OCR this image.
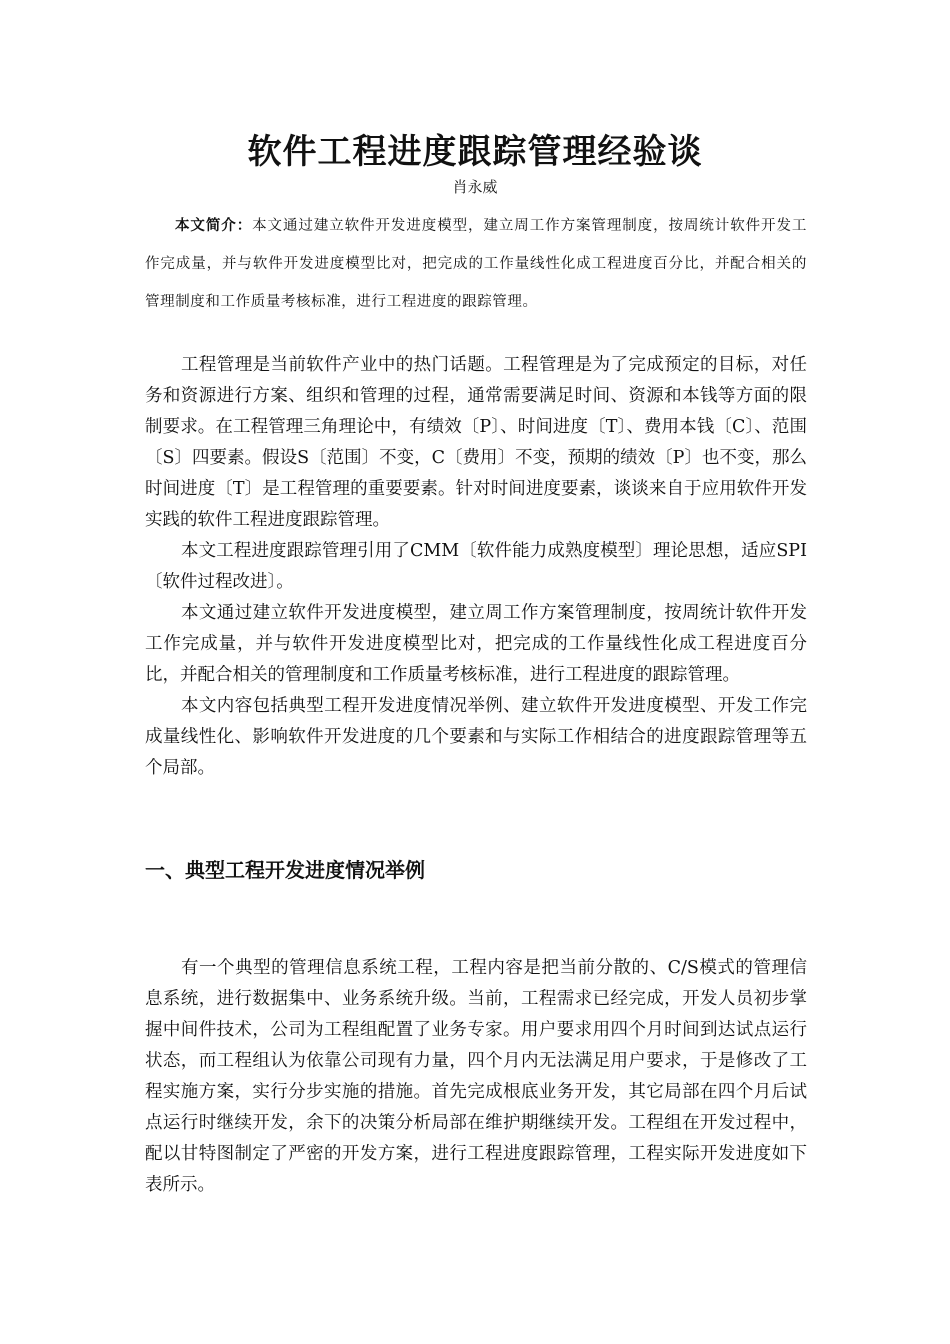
软件工程进度跟踪管理经验谈

肖永威

本文简介：本文通过建立软件开发进度模型，建立周工作方案管理制度，按周统计软件开发工作完成量，并与软件开发进度模型比对，把完成的工作量线性化成工程进度百分比，并配合相关的管理制度和工作质量考核标准，进行工程进度的跟踪管理。

工程管理是当前软件产业中的热门话题。工程管理是为了完成预定的目标，对任务和资源进行方案、组织和管理的过程，通常需要满足时间、资源和本钱等方面的限制要求。在工程管理三角理论中，有绩效〔P〕、时间进度〔T〕、费用本钱〔C〕、范围〔S〕四要素。假设S〔范围〕不变，C〔费用〕不变，预期的绩效〔P〕也不变，那么时间进度〔T〕是工程管理的重要要素。针对时间进度要素，谈谈来自于应用软件开发实践的软件工程进度跟踪管理。

本文工程进度跟踪管理引用了CMM〔软件能力成熟度模型〕理论思想，适应SPI〔软件过程改进〕。

本文通过建立软件开发进度模型，建立周工作方案管理制度，按周统计软件开发工作完成量，并与软件开发进度模型比对，把完成的工作量线性化成工程进度百分比，并配合相关的管理制度和工作质量考核标准，进行工程进度的跟踪管理。

本文内容包括典型工程开发进度情况举例、建立软件开发进度模型、开发工作完成量线性化、影响软件开发进度的几个要素和与实际工作相结合的进度跟踪管理等五个局部。

一、典型工程开发进度情况举例

有一个典型的管理信息系统工程，工程内容是把当前分散的、C/S模式的管理信息系统，进行数据集中、业务系统升级。当前，工程需求已经完成，开发人员初步掌握中间件技术，公司为工程组配置了业务专家。用户要求用四个月时间到达试点运行状态，而工程组认为依靠公司现有力量，四个月内无法满足用户要求，于是修改了工程实施方案，实行分步实施的措施。首先完成根底业务开发，其它局部在四个月后试点运行时继续开发，余下的决策分析局部在维护期继续开发。工程组在开发过程中，配以甘特图制定了严密的开发方案，进行工程进度跟踪管理，工程实际开发进度如下表所示。
